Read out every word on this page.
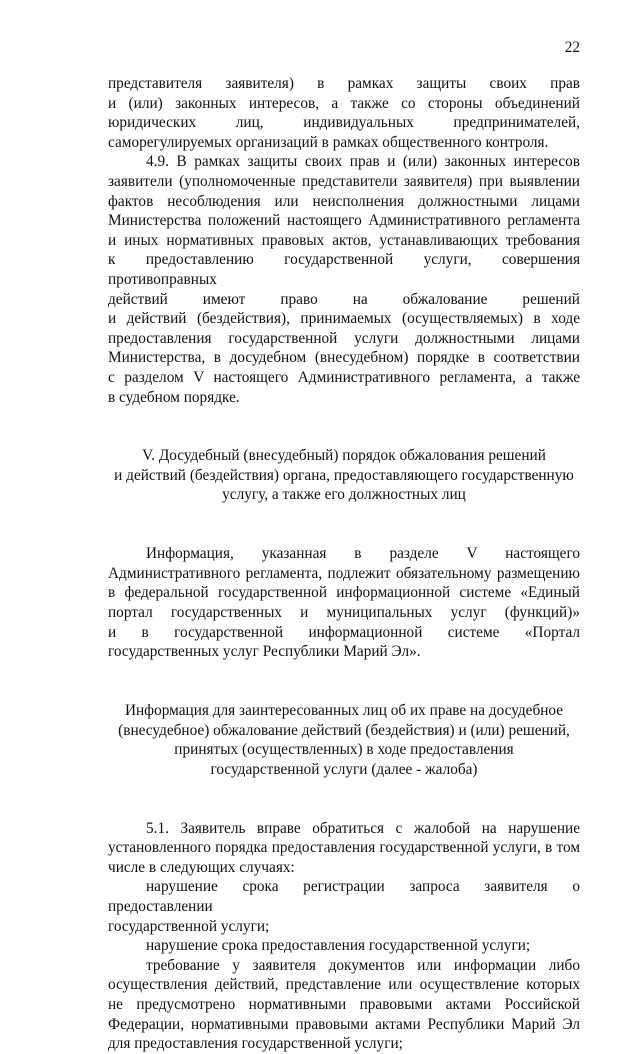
22

представителя заявителя) в рамках защиты своих прав

и (или) законных интересов, а также со стороны объединений

юридических лиц, индивидуальных предпринимателей,

саморегулируемых организаций в рамках общественного контроля.

4.9. В рамках защиты своих прав и (или) законных интересов

заявители (уполномоченные представители заявителя) при выявлении

фактов несоблюдения или неисполнения должностными лицами

Министерства положений настоящего Административного регламента

и иных нормативных правовых актов, устанавливающих требования

к предоставлению государственной услуги, совершения противоправных

действий имеют право на обжалование решений

и действий (бездействия), принимаемых (осуществляемых) в ходе

предоставления государственной услуги должностными лицами

Министерства, в досудебном (внесудебном) порядке в соответствии

с разделом V настоящего Административного регламента, а также

в судебном порядке.

V. Досудебный (внесудебный) порядок обжалования решений

и действий (бездействия) органа, предоставляющего государственную

услугу, а также его должностных лиц

Информация, указанная в разделе V настоящего

Административного регламента, подлежит обязательному размещению

в федеральной государственной информационной системе «Единый

портал государственных и муниципальных услуг (функций)»

и в государственной информационной системе «Портал

государственных услуг Республики Марий Эл».

Информация для заинтересованных лиц об их праве на досудебное

(внесудебное) обжалование действий (бездействия) и (или) решений,

принятых (осуществленных) в ходе предоставления

государственной услуги (далее - жалоба)

5.1. Заявитель вправе обратиться с жалобой на нарушение

установленного порядка предоставления государственной услуги, в том

числе в следующих случаях:

нарушение срока регистрации запроса заявителя о предоставлении

государственной услуги;

нарушение срока предоставления государственной услуги;

требование у заявителя документов или информации либо

осуществления действий, представление или осуществление которых

не предусмотрено нормативными правовыми актами Российской

Федерации, нормативными правовыми актами Республики Марий Эл

для предоставления государственной услуги;
